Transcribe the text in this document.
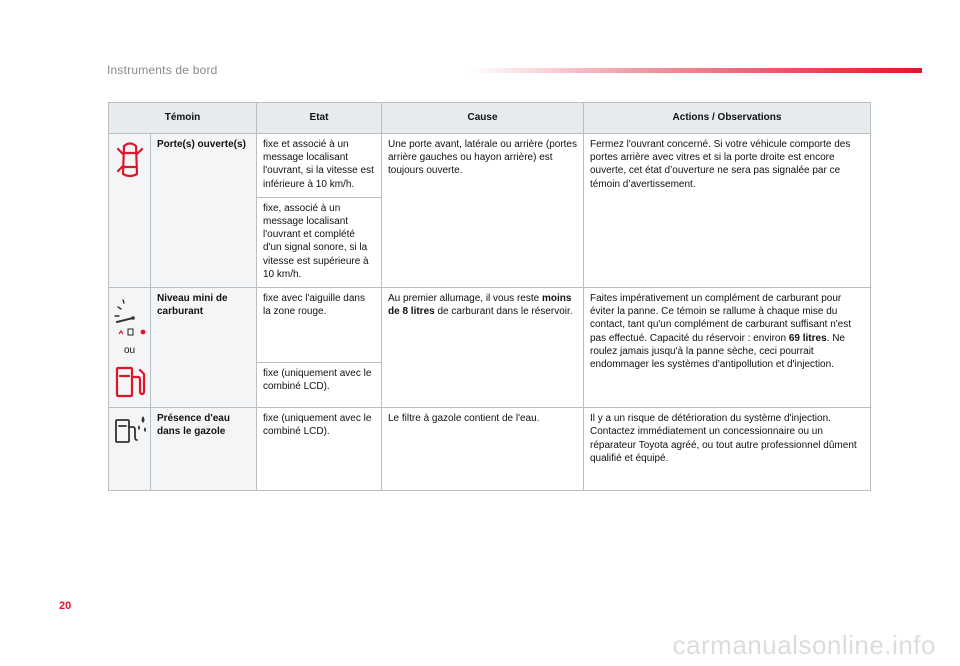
Instruments de bord
Témoin		Etat	Cause	Actions / Observations

	Porte(s) ouverte(s)	fixe et associé à un message localisant l'ouvrant, si la vitesse est inférieure à 10 km/h.	Une porte avant, latérale ou arrière (portes arrière gauches ou hayon arrière) est toujours ouverte.	Fermez l'ouvrant concerné. Si votre véhicule comporte des portes arrière avec vitres et si la porte droite est encore ouverte, cet état d’ouverture ne sera pas signalée par ce témoin d’avertissement.
		fixe, associé à un message localisant l'ouvrant et complété d'un signal sonore, si la vitesse est supérieure à 10 km/h.		

ou	Niveau mini de carburant	fixe avec l'aiguille dans la zone rouge.	Au premier allumage, il vous reste moins de 8 litres de carburant dans le réservoir.	Faites impérativement un complément de carburant pour éviter la panne. Ce témoin se rallume à chaque mise du contact, tant qu'un complément de carburant suffisant n'est pas effectué. Capacité du réservoir : environ 69 litres. Ne roulez jamais jusqu'à la panne sèche, ceci pourrait endommager les systèmes d'antipollution et d'injection.
		fixe (uniquement avec le combiné LCD).		

	Présence d'eau dans le gazole	fixe (uniquement avec le combiné LCD).	Le filtre à gazole contient de l'eau.	Il y a un risque de détérioration du système d'injection. Contactez immédiatement un concessionnaire ou un réparateur Toyota agréé, ou tout autre professionnel dûment qualifié et équipé.
20
carmanualsonline.info
